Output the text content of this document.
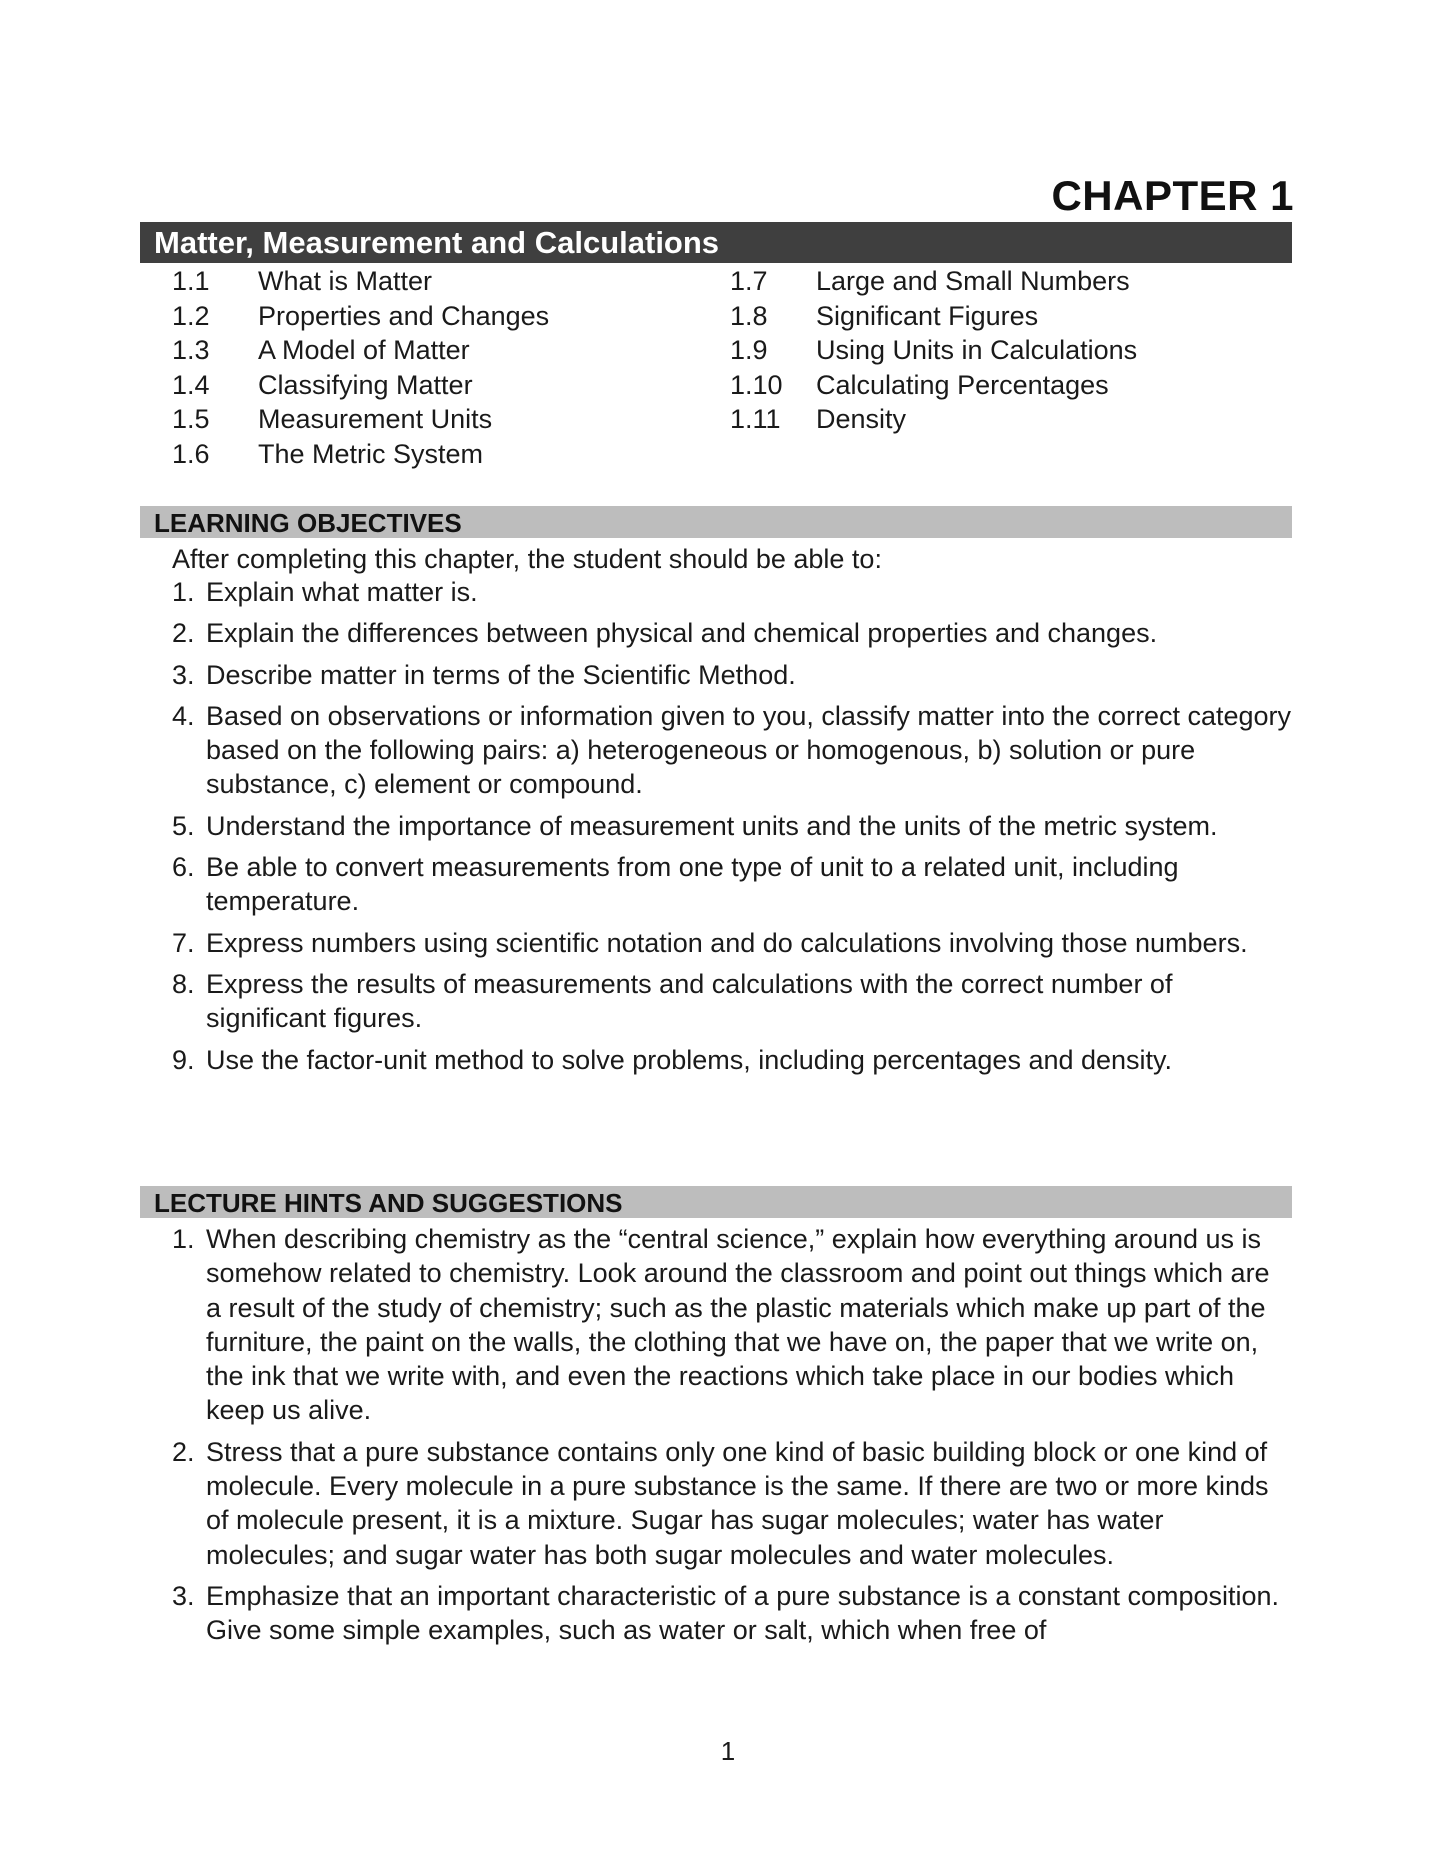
CHAPTER 1
Matter, Measurement and Calculations
1.1 What is Matter
1.2 Properties and Changes
1.3 A Model of Matter
1.4 Classifying Matter
1.5 Measurement Units
1.6 The Metric System
1.7 Large and Small Numbers
1.8 Significant Figures
1.9 Using Units in Calculations
1.10 Calculating Percentages
1.11 Density
LEARNING OBJECTIVES
After completing this chapter, the student should be able to:
1. Explain what matter is.
2. Explain the differences between physical and chemical properties and changes.
3. Describe matter in terms of the Scientific Method.
4. Based on observations or information given to you, classify matter into the correct category based on the following pairs: a) heterogeneous or homogenous, b) solution or pure substance, c) element or compound.
5. Understand the importance of measurement units and the units of the metric system.
6. Be able to convert measurements from one type of unit to a related unit, including temperature.
7. Express numbers using scientific notation and do calculations involving those numbers.
8. Express the results of measurements and calculations with the correct number of significant figures.
9. Use the factor-unit method to solve problems, including percentages and density.
LECTURE HINTS AND SUGGESTIONS
1. When describing chemistry as the “central science,” explain how everything around us is somehow related to chemistry. Look around the classroom and point out things which are a result of the study of chemistry; such as the plastic materials which make up part of the furniture, the paint on the walls, the clothing that we have on, the paper that we write on, the ink that we write with, and even the reactions which take place in our bodies which keep us alive.
2. Stress that a pure substance contains only one kind of basic building block or one kind of molecule. Every molecule in a pure substance is the same. If there are two or more kinds of molecule present, it is a mixture. Sugar has sugar molecules; water has water molecules; and sugar water has both sugar molecules and water molecules.
3. Emphasize that an important characteristic of a pure substance is a constant composition. Give some simple examples, such as water or salt, which when free of
1
